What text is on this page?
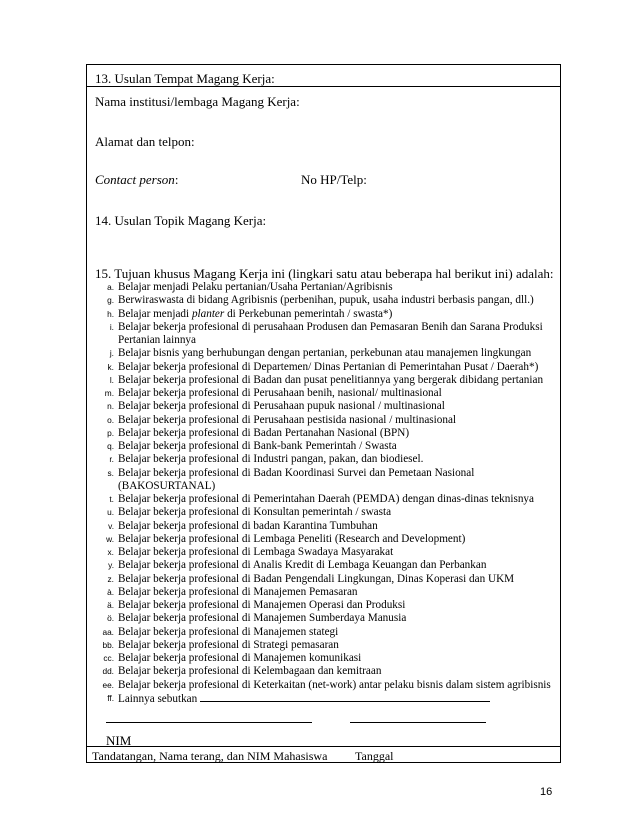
13. Usulan Tempat Magang Kerja:
Nama institusi/lembaga Magang Kerja:
Alamat dan telpon:
Contact person:	No HP/Telp:
14. Usulan Topik Magang Kerja:
15. Tujuan khusus Magang Kerja ini (lingkari satu atau beberapa hal berikut ini) adalah:
a. Belajar menjadi Pelaku pertanian/Usaha Pertanian/Agribisnis
g. Berwiraswasta di bidang Agribisnis (perbenihan, pupuk, usaha industri berbasis pangan, dll.)
h. Belajar menjadi planter di Perkebunan pemerintah / swasta*)
i. Belajar bekerja profesional di perusahaan Produsen dan Pemasaran Benih dan Sarana Produksi Pertanian lainnya
j. Belajar bisnis yang berhubungan dengan pertanian, perkebunan atau manajemen lingkungan
k. Belajar bekerja profesional di Departemen/ Dinas Pertanian di Pemerintahan Pusat / Daerah*)
l. Belajar bekerja profesional di Badan dan pusat penelitiannya yang bergerak dibidang pertanian
m. Belajar bekerja profesional di Perusahaan benih, nasional/ multinasional
n. Belajar bekerja profesional di Perusahaan pupuk nasional / multinasional
o. Belajar bekerja profesional di Perusahaan pestisida nasional / multinasional
p. Belajar bekerja profesional di Badan Pertanahan Nasional (BPN)
q. Belajar bekerja profesional di Bank-bank Pemerintah / Swasta
r. Belajar bekerja profesional di Industri pangan, pakan, dan biodiesel.
s. Belajar bekerja profesional di Badan Koordinasi Survei dan Pemetaan Nasional (BAKOSURTANAL)
t. Belajar bekerja profesional di Pemerintahan Daerah (PEMDA) dengan dinas-dinas teknisnya
u. Belajar bekerja profesional di Konsultan pemerintah / swasta
v. Belajar bekerja profesional di badan Karantina Tumbuhan
w. Belajar bekerja profesional di Lembaga Peneliti (Research and Development)
x. Belajar bekerja profesional di Lembaga Swadaya Masyarakat
y. Belajar bekerja profesional di Analis Kredit di Lembaga Keuangan dan Perbankan
z. Belajar bekerja profesional di Badan Pengendali Lingkungan, Dinas Koperasi dan UKM
à. Belajar bekerja profesional di Manajemen Pemasaran
ä. Belajar bekerja profesional di Manajemen Operasi dan Produksi
ö. Belajar bekerja profesional di Manajemen Sumberdaya Manusia
aa. Belajar bekerja profesional di Manajemen stategi
bb. Belajar bekerja profesional di Strategi pemasaran
cc. Belajar bekerja profesional di Manajemen komunikasi
dd. Belajar bekerja profesional di Kelembagaan dan kemitraan
ee. Belajar bekerja profesional di Keterkaitan (net-work) antar pelaku bisnis dalam sistem agribisnis
ff. Lainnya sebutkan
NIM
Tandatangan, Nama terang, dan NIM Mahasiswa Tanggal
16
